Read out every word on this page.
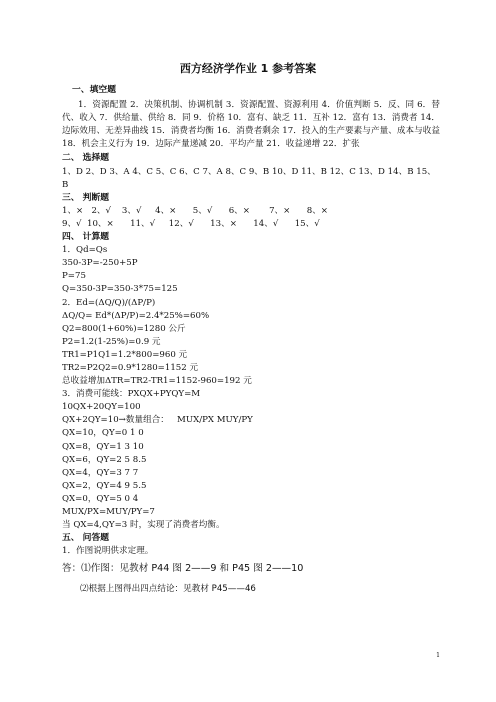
西方经济学作业 1 参考答案
一、填空题
1．资源配置 2．决策机制、协调机制 3．资源配置、资源利用 4．价值判断 5．反、同 6．替代、收入 7．供给量、供给 8．同 9．价格 10．富有、缺乏 11．互补 12．富有 13．消费者 14．边际效用、无差异曲线 15．消费者均衡 16．消费者剩余 17．投入的生产要素与产量、成本与收益 18．机会主义行为 19．边际产量递减 20．平均产量 21．收益递增 22．扩张
二、 选择题
1、D 2、D 3、A 4、C 5、C 6、C 7、A 8、C 9、B 10、D 11、B 12、C 13、D 14、B 15、B
三、 判断题
1、×   2、√    3、√     4、×      5、√      6、×       7、×      8、×
9、√  10、×      11、√     12、√      13、×      14、√      15、√
四、 计算题
1．Qd=Qs
350-3P=-250+5P
P=75
Q=350-3P=350-3*75=125
2．Ed=(ΔQ/Q)/(ΔP/P)
ΔQ/Q= Ed*(ΔP/P)=2.4*25%=60%
Q2=800(1+60%)=1280 公斤
P2=1.2(1-25%)=0.9 元
TR1=P1Q1=1.2*800=960 元
TR2=P2Q2=0.9*1280=1152 元
总收益增加ΔTR=TR2-TR1=1152-960=192 元
3．消费可能线：PXQX+PYQY=M
10QX+20QY=100
QX+2QY=10→数量组合：   MUX/PX MUY/PY
QX=10，QY=0 1 0
QX=8，QY=1 3 10
QX=6，QY=2 5 8.5
QX=4，QY=3 7 7
QX=2，QY=4 9 5.5
QX=0，QY=5 0 4
MUX/PX=MUY/PY=7
当 QX=4,QY=3 时，实现了消费者均衡。
五、 问答题
1．作图说明供求定理。
答：⑴作图：见教材 P44 图 2——9 和 P45 图 2——10
⑵根据上图得出四点结论：见教材 P45——46
1
